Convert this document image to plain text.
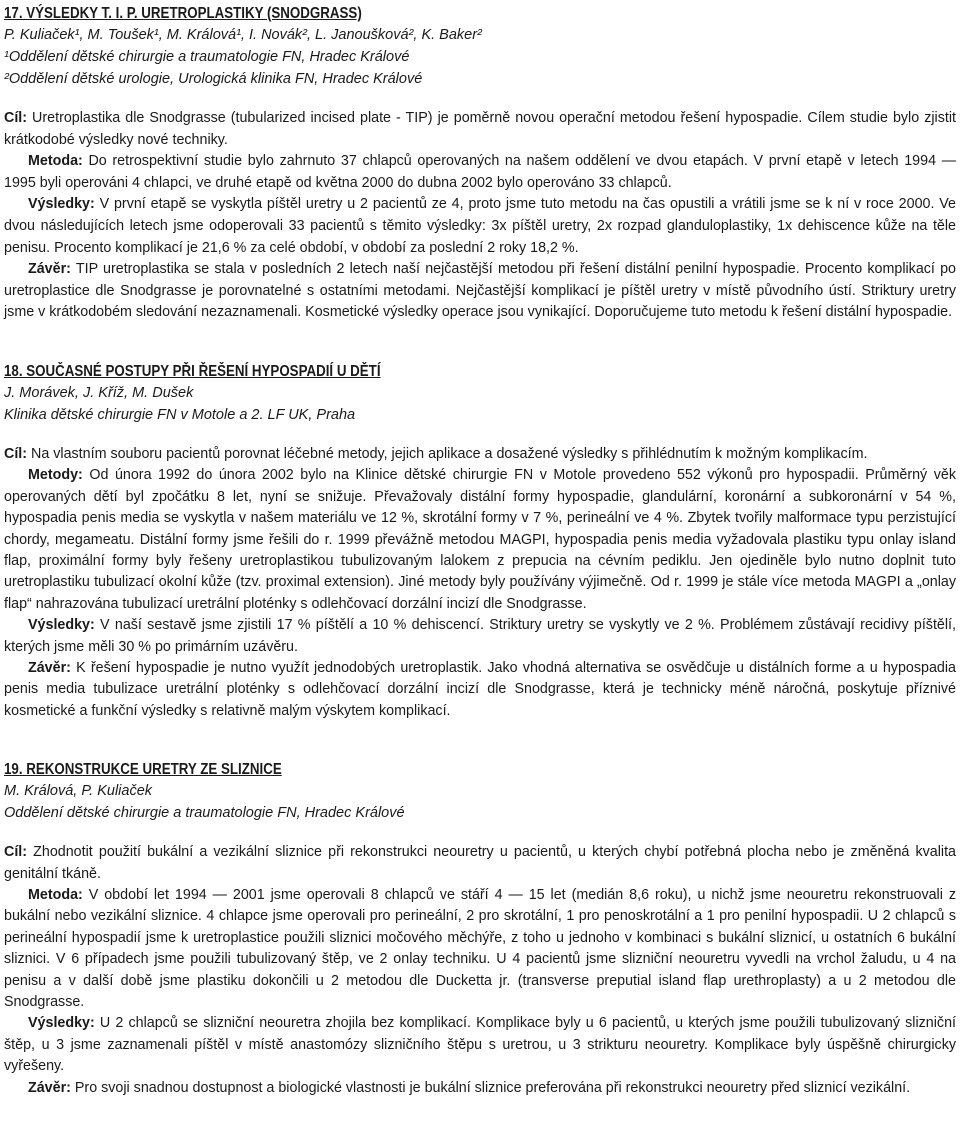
17. VÝSLEDKY T. I. P. URETROPLASTIKY (SNODGRASS)
P. Kuliaček¹, M. Toušek¹, M. Králová¹, I. Novák², L. Janoušková², K. Baker²
¹Oddělení dětské chirurgie a traumatologie FN, Hradec Králové
²Oddělení dětské urologie, Urologická klinika FN, Hradec Králové

Cíl: Uretroplastika dle Snodgrasse (tubularized incised plate - TIP) je poměrně novou operační metodou řešení hypospadie. Cílem studie bylo zjistit krátkodobé výsledky nové techniky.

Metoda: Do retrospektivní studie bylo zahrnuto 37 chlapců operovaných na našem oddělení ve dvou etapách. V první etapě v letech 1994 — 1995 byli operováni 4 chlapci, ve druhé etapě od května 2000 do dubna 2002 bylo operováno 33 chlapců.

Výsledky: V první etapě se vyskytla píštěl uretry u 2 pacientů ze 4, proto jsme tuto metodu na čas opustili a vrátili jsme se k ní v roce 2000. Ve dvou následujících letech jsme odoperovali 33 pacientů s těmito výsledky: 3x píštěl uretry, 2x rozpad glanduloplastiky, 1x dehiscence kůže na těle penisu. Procento komplikací je 21,6 % za celé období, v období za poslední 2 roky 18,2 %.

Závěr: TIP uretroplastika se stala v posledních 2 letech naší nejčastější metodou při řešení distální penilní hypospadie. Procento komplikací po uretroplastice dle Snodgrasse je porovnatelné s ostatními metodami. Nejčastější komplikací je píštěl uretry v místě původního ústí. Striktury uretry jsme v krátkodobém sledování nezaznamenali. Kosmetické výsledky operace jsou vynikající. Doporučujeme tuto metodu k řešení distální hypospadie.

18. SOUČASNÉ POSTUPY PŘI ŘEŠENÍ HYPOSPADIÍ U DĚTÍ
J. Morávek, J. Kříž, M. Dušek
Klinika dětské chirurgie FN v Motole a 2. LF UK, Praha

Cíl: Na vlastním souboru pacientů porovnat léčebné metody, jejich aplikace a dosažené výsledky s přihlédnutím k možným komplikacím.

Metody: Od února 1992 do února 2002 bylo na Klinice dětské chirurgie FN v Motole provedeno 552 výkonů pro hypospadii. Průměrný věk operovaných dětí byl zpočátku 8 let, nyní se snižuje. Převažovaly distální formy hypospadie, glandulární, koronární a subkoronární v 54 %, hypospadia penis media se vyskytla v našem materiálu ve 12 %, skrotální formy v 7 %, perineální ve 4 %. Zbytek tvořily malformace typu perzistující chordy, megameatu. Distální formy jsme řešili do r. 1999 převážně metodou MAGPI, hypospadia penis media vyžadovala plastiku typu onlay island flap, proximální formy byly řešeny uretroplastikou tubulizovaným lalokem z prepucia na cévním pediklu. Jen ojediněle bylo nutno doplnit tuto uretroplastiku tubulizací okolní kůže (tzv. proximal extension). Jiné metody byly používány výjimečně. Od r. 1999 je stále více metoda MAGPI a „onlay flap“ nahrazována tubulizací uretrální ploténky s odlehčovací dorzální incizí dle Snodgrasse.

Výsledky: V naší sestavě jsme zjistili 17 % píštělí a 10 % dehiscencí. Striktury uretry se vyskytly ve 2 %. Problémem zůstávají recidivy píštělí, kterých jsme měli 30 % po primárním uzávěru.

Závěr: K řešení hypospadie je nutno využít jednodobých uretroplastik. Jako vhodná alternativa se osvědčuje u distálních forme a u hypospadia penis media tubulizace uretrální ploténky s odlehčovací dorzální incizí dle Snodgrasse, která je technicky méně náročná, poskytuje příznivé kosmetické a funkční výsledky s relativně malým výskytem komplikací.

19. REKONSTRUKCE URETRY ZE SLIZNICE
M. Králová, P. Kuliaček
Oddělení dětské chirurgie a traumatologie FN, Hradec Králové

Cíl: Zhodnotit použití bukální a vezikální sliznice při rekonstrukci neouretry u pacientů, u kterých chybí potřebná plocha nebo je změněná kvalita genitální tkáně.

Metoda: V období let 1994 — 2001 jsme operovali 8 chlapců ve stáří 4 — 15 let (medián 8,6 roku), u nichž jsme neouretru rekonstruovali z bukální nebo vezikální sliznice. 4 chlapce jsme operovali pro perineální, 2 pro skrotální, 1 pro penoskrotální a 1 pro penilní hypospadii. U 2 chlapců s perineální hypospadií jsme k uretroplastice použili sliznici močového měchýře, z toho u jednoho v kombinaci s bukální sliznicí, u ostatních 6 bukální sliznici. V 6 případech jsme použili tubulizovaný štěp, ve 2 onlay techniku. U 4 pacientů jsme slizniční neouretru vyvedli na vrchol žaludu, u 4 na penisu a v další době jsme plastiku dokončili u 2 metodou dle Duckettа jr. (transverse preputial island flap urethroplasty) a u 2 metodou dle Snodgrasse.

Výsledky: U 2 chlapců se slizniční neouretra zhojila bez komplikací. Komplikace byly u 6 pacientů, u kterých jsme použili tubulizovaný slizniční štěp, u 3 jsme zaznamenali píštěl v místě anastomózy slizničního štěpu s uretrou, u 3 strikturu neouretry. Komplikace byly úspěšně chirurgicky vyřešeny.

Závěr: Pro svoji snadnou dostupnost a biologické vlastnosti je bukální sliznice preferována při rekonstrukci neouretry před sliznicí vezikální.
